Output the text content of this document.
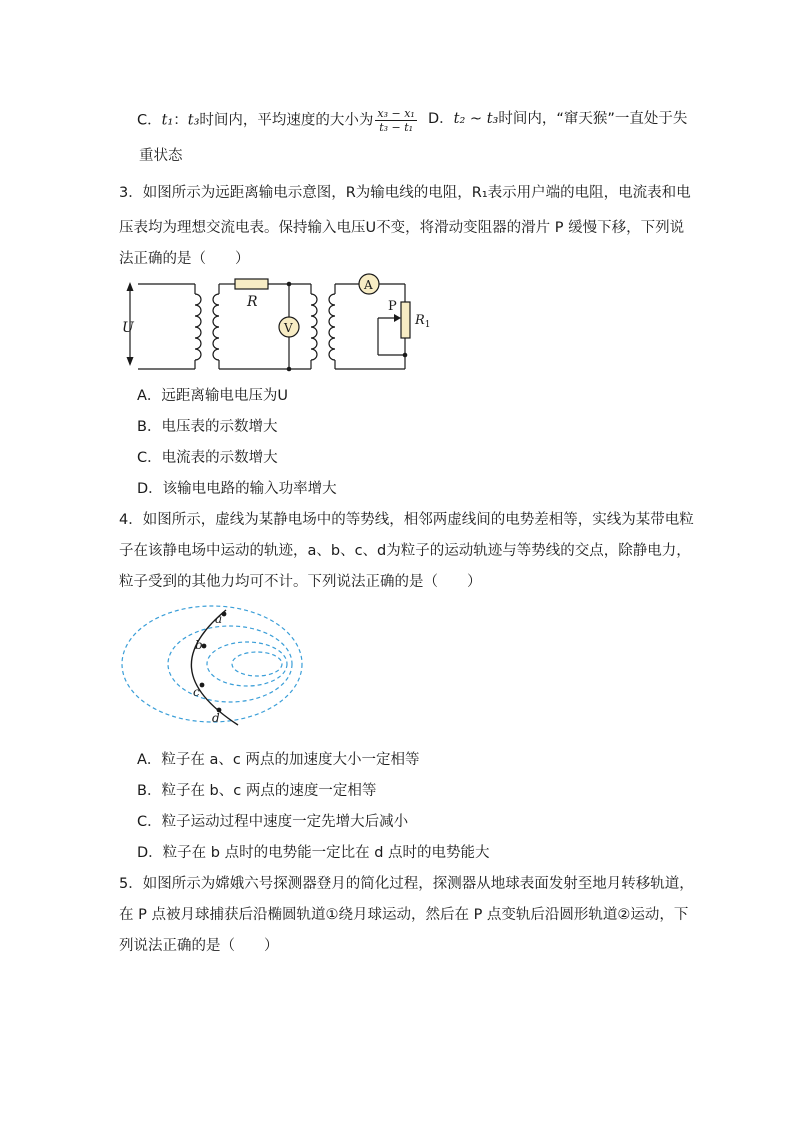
C．t₁：t₃时间内，平均速度的大小为 $\frac{\text{x₃ − x₁}}{\text{t₃ − t₁}}$ D．t₂ ~ t₃时间内，“窜天猴”一直处于失
重状态
3．如图所示为远距离输电示意图，R为输电线的电阻，R₁表示用户端的电阻，电流表和电
压表均为理想交流电表。保持输入电压U不变，将滑动变阻器的滑片 P 缓慢下移，下列说
法正确的是（　　）
R
U	V
A
P
$R_1$
A．远距离输电电压为U
B．电压表的示数增大
C．电流表的示数增大
D．该输电电路的输入功率增大
4．如图所示，虚线为某静电场中的等势线，相邻两虚线间的电势差相等，实线为某带电粒
子在该静电场中运动的轨迹，a、b、c、d为粒子的运动轨迹与等势线的交点，除静电力，
粒子受到的其他力均可不计。下列说法正确的是（　　）
a
b
c
d
A．粒子在 a、c 两点的加速度大小一定相等
B．粒子在 b、c 两点的速度一定相等
C．粒子运动过程中速度一定先增大后减小
D．粒子在 b 点时的电势能一定比在 d 点时的电势能大
5．如图所示为嫦娥六号探测器登月的简化过程，探测器从地球表面发射至地月转移轨道，
在 P 点被月球捕获后沿椭圆轨道①绕月球运动，然后在 P 点变轨后沿圆形轨道②运动，下
列说法正确的是（　　）
